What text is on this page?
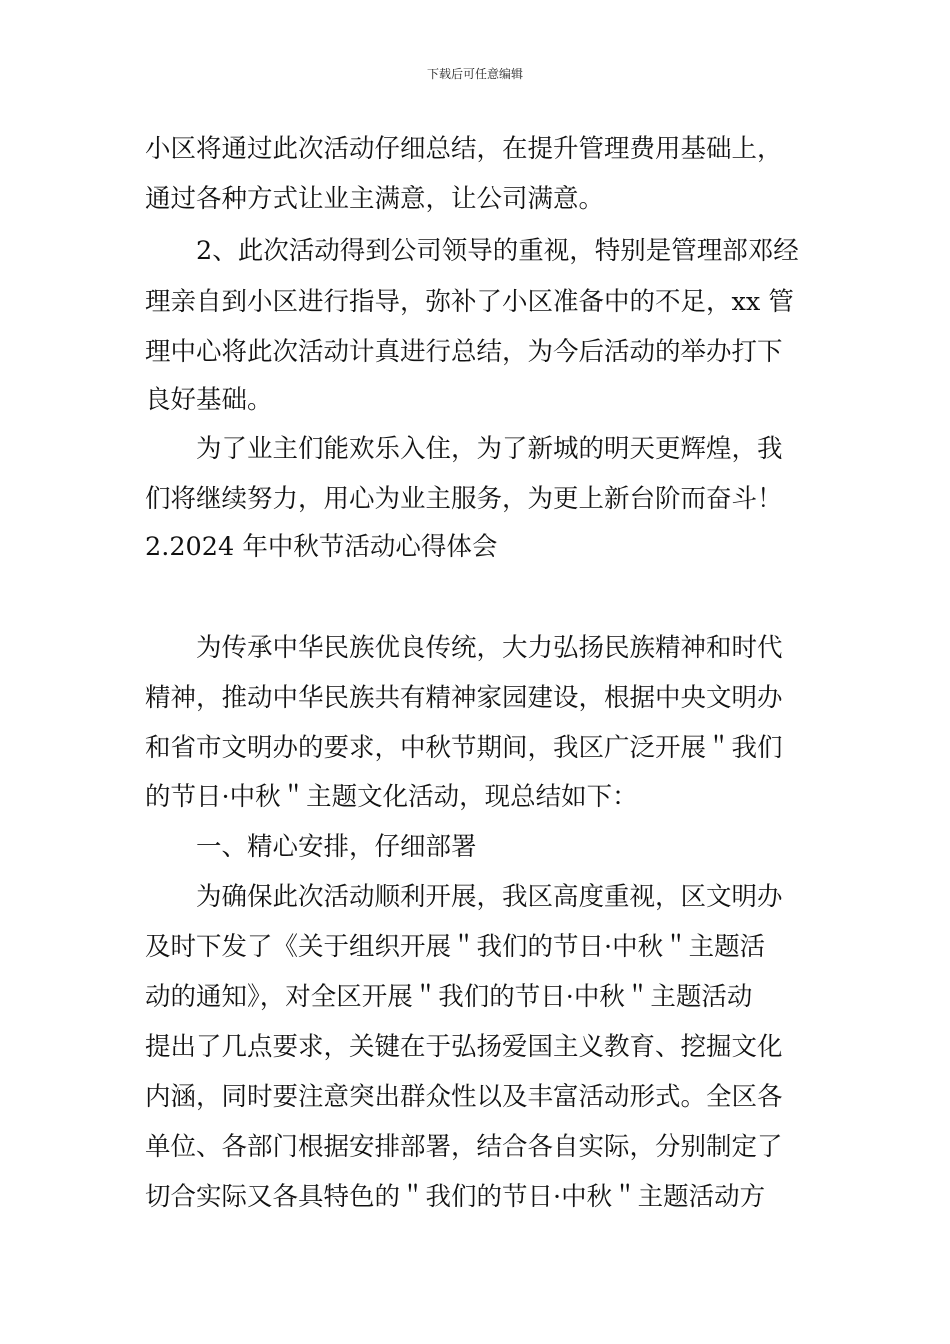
下载后可任意编辑
小区将通过此次活动仔细总结，在提升管理费用基础上，
通过各种方式让业主满意，让公司满意。
2、此次活动得到公司领导的重视，特别是管理部邓经
理亲自到小区进行指导，弥补了小区准备中的不足，xx 管
理中心将此次活动计真进行总结，为今后活动的举办打下
良好基础。
为了业主们能欢乐入住，为了新城的明天更辉煌，我
们将继续努力，用心为业主服务，为更上新台阶而奋斗！
2.2024 年中秋节活动心得体会
为传承中华民族优良传统，大力弘扬民族精神和时代
精神，推动中华民族共有精神家园建设，根据中央文明办
和省市文明办的要求，中秋节期间，我区广泛开展＂我们
的节日·中秋＂主题文化活动，现总结如下：
一、精心安排，仔细部署
为确保此次活动顺利开展，我区高度重视，区文明办
及时下发了《关于组织开展＂我们的节日·中秋＂主题活
动的通知》，对全区开展＂我们的节日·中秋＂主题活动
提出了几点要求，关键在于弘扬爱国主义教育、挖掘文化
内涵，同时要注意突出群众性以及丰富活动形式。全区各
单位、各部门根据安排部署，结合各自实际，分别制定了
切合实际又各具特色的＂我们的节日·中秋＂主题活动方
